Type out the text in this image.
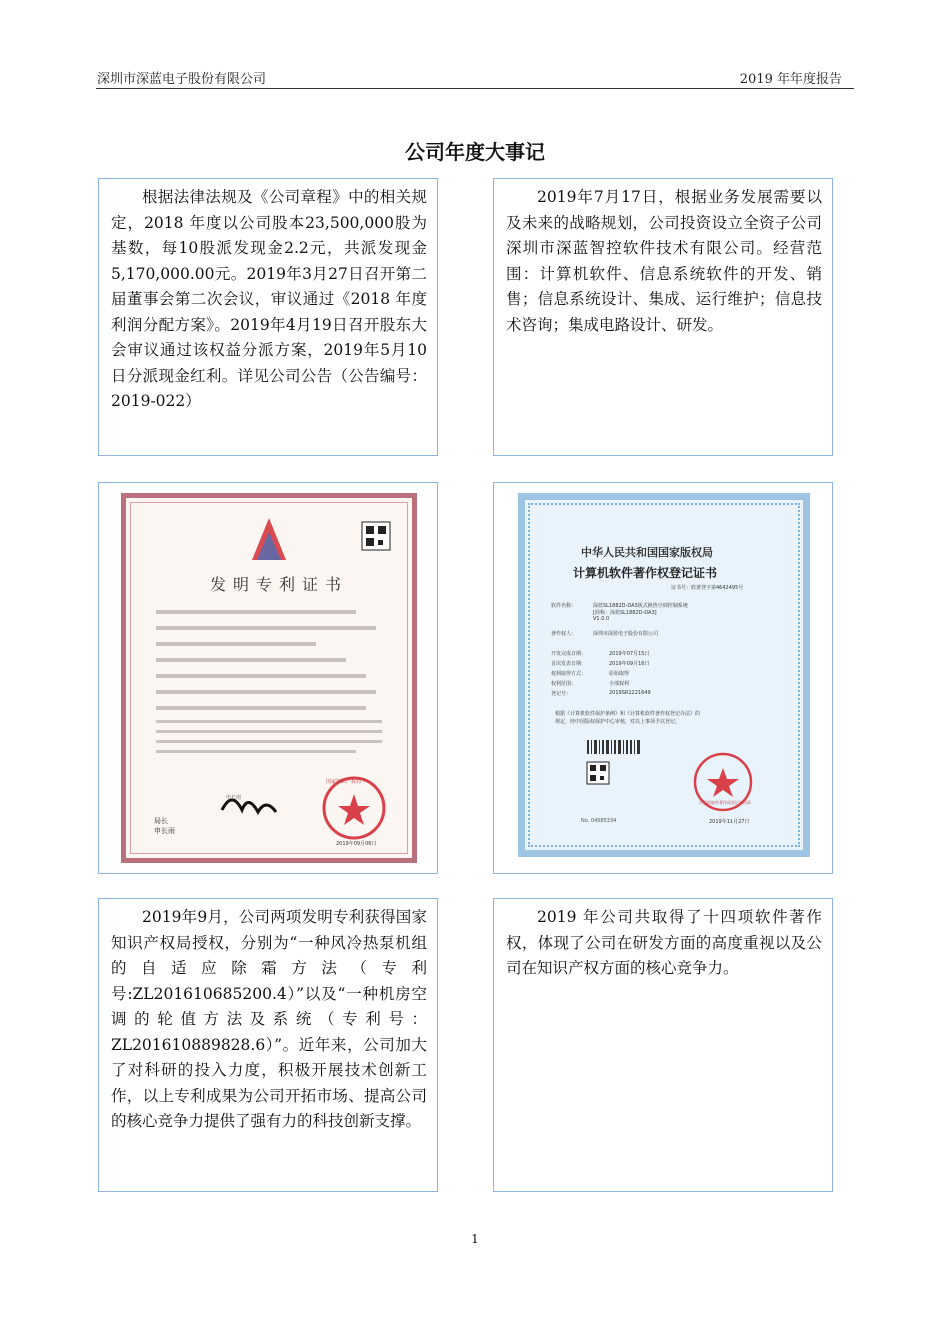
深圳市深蓝电子股份有限公司	2019 年年度报告
公司年度大事记

根据法律法规及《公司章程》中的相关规定，2018 年度以公司股本23,500,000股为基数，每10股派发现金2.2元，共派发现金5,170,000.00元。2019年3月27日召开第二届董事会第二次会议，审议通过《2018 年度利润分配方案》。2019年4月19日召开股东大会审议通过该权益分派方案，2019年5月10日分派现金红利。详见公司公告（公告编号：2019-022）

2019年7月17日，根据业务发展需要以及未来的战略规划，公司投资设立全资子公司深圳市深蓝智控软件技术有限公司。经营范围：计算机软件、信息系统软件的开发、销售；信息系统设计、集成、运行维护；信息技术咨询；集成电路设计、研发。

发明专利证书
局长
申长雨
国家知识产权局
2019年09月06日
申长雨
中华人民共和国国家版权局
计算机软件著作权登记证书
证书号：软著登字第4642495号
软件名称：	深蓝SL1882D-DA3板式换热空调控制系统
[简称：深蓝SL1882D-DA3]
V1.0.0
著作权人：	深圳市深蓝电子股份有限公司
开发完成日期：	2019年07月15日
首次发表日期：	2019年09月16日
权利取得方式：	原始取得
权利范围：	全部权利
登记号：	2019SR1221649
根据《计算机软件保护条例》和《计算机软件著作权登记办法》的
规定，经中国版权保护中心审核，对以上事项予以登记。
计算机软件著作权登记专用章
No. 04585334	2019年11月27日

2019年9月，公司两项发明专利获得国家知识产权局授权，分别为“一种风冷热泵机组的自适应除霜方法（专利号:ZL201610685200.4）”以及“一种机房空调的轮值方法及系统（专利号：ZL201610889828.6）”。近年来，公司加大了对科研的投入力度，积极开展技术创新工作，以上专利成果为公司开拓市场、提高公司的核心竞争力提供了强有力的科技创新支撑。

2019 年公司共取得了十四项软件著作权，体现了公司在研发方面的高度重视以及公司在知识产权方面的核心竞争力。

1
